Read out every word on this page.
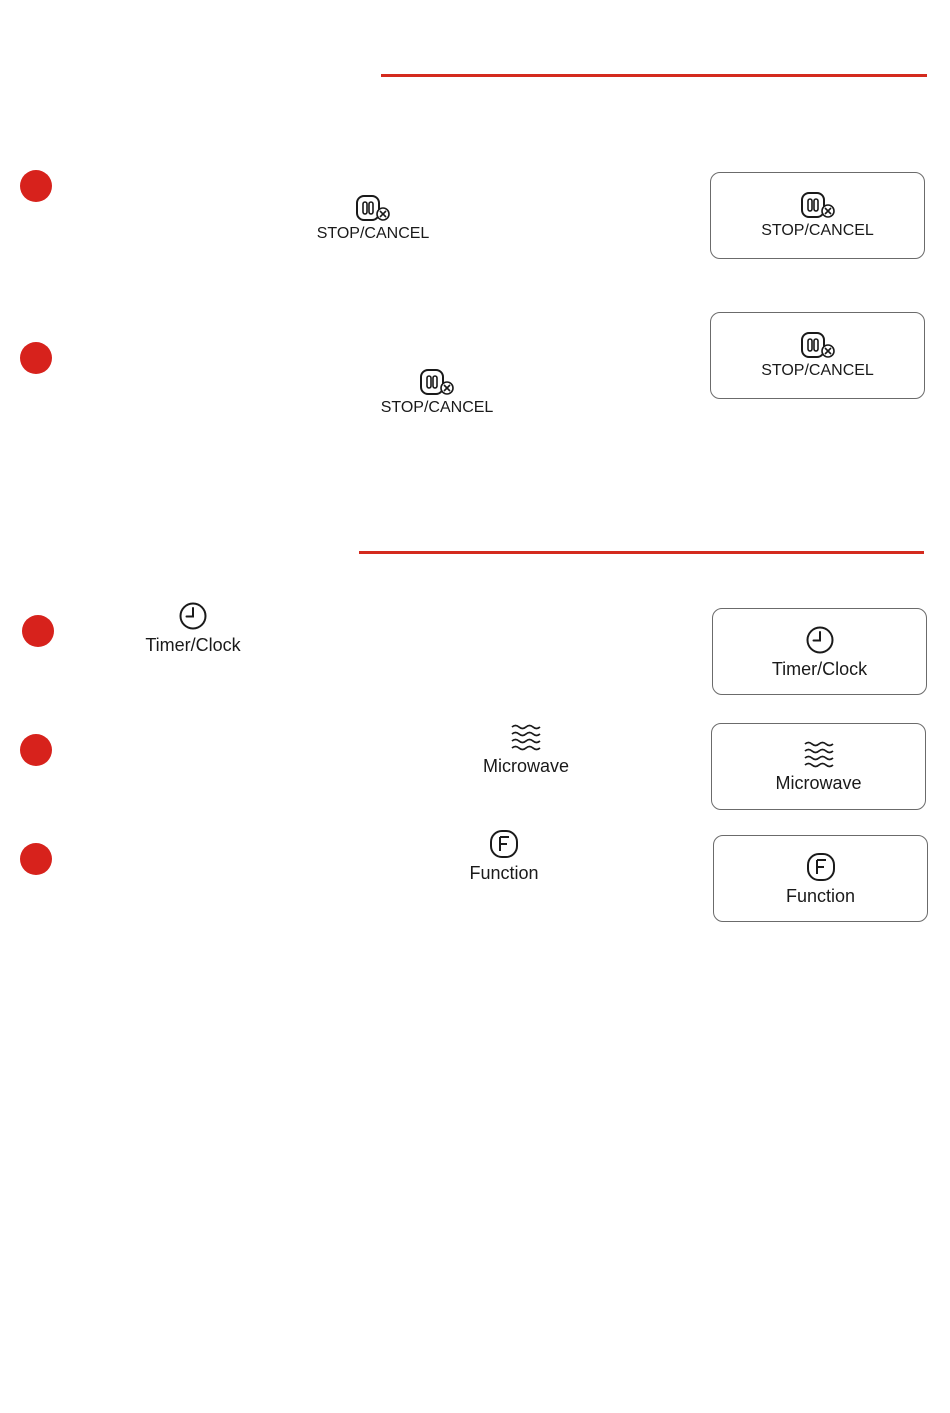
STOP/CANCEL	STOP/CANCEL
STOP/CANCEL
STOP/CANCEL
Timer/Clock
Timer/Clock
Microwave
Microwave
Function
Function
